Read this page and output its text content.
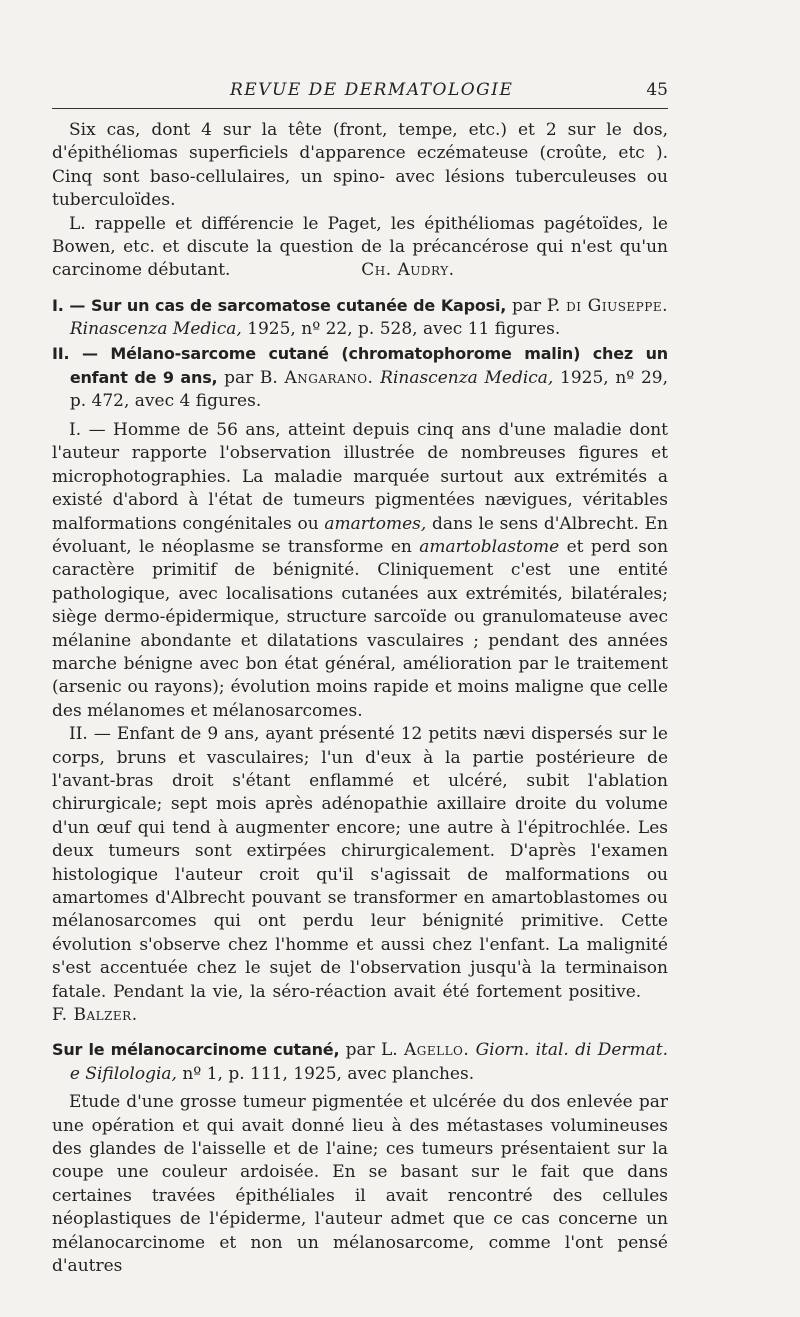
REVUE DE DERMATOLOGIE	45

Six cas, dont 4 sur la tête (front, tempe, etc.) et 2 sur le dos, d'épithéliomas superficiels d'apparence eczémateuse (croûte, etc ). Cinq sont baso-cellulaires, un spino- avec lésions tuberculeuses ou tuberculoïdes.

L. rappelle et différencie le Paget, les épithéliomas pagétoïdes, le Bowen, etc. et discute la question de la précancérose qui n'est qu'un carcinome débutant.	Ch. Audry.

I. — Sur un cas de sarcomatose cutanée de Kaposi, par P. di Giuseppe. Rinascenza Medica, 1925, nº 22, p. 528, avec 11 figures.

II. — Mélano-sarcome cutané (chromatophorome malin) chez un enfant de 9 ans, par B. Angarano. Rinascenza Medica, 1925, nº 29, p. 472, avec 4 figures.

I. — Homme de 56 ans, atteint depuis cinq ans d'une maladie dont l'auteur rapporte l'observation illustrée de nombreuses figures et microphotographies. La maladie marquée surtout aux extrémités a existé d'abord à l'état de tumeurs pigmentées nævigues, véritables malformations congénitales ou amartomes, dans le sens d'Albrecht. En évoluant, le néoplasme se transforme en amartoblastome et perd son caractère primitif de bénignité. Cliniquement c'est une entité pathologique, avec localisations cutanées aux extrémités, bilatérales; siège dermo-épidermique, structure sarcoïde ou granulomateuse avec mélanine abondante et dilatations vasculaires ; pendant des années marche bénigne avec bon état général, amélioration par le traitement (arsenic ou rayons); évolution moins rapide et moins maligne que celle des mélanomes et mélanosarcomes.

II. — Enfant de 9 ans, ayant présenté 12 petits nævi dispersés sur le corps, bruns et vasculaires; l'un d'eux à la partie postérieure de l'avant-bras droit s'étant enflammé et ulcéré, subit l'ablation chirurgicale; sept mois après adénopathie axillaire droite du volume d'un œuf qui tend à augmenter encore; une autre à l'épitrochlée. Les deux tumeurs sont extirpées chirurgicalement. D'après l'examen histologique l'auteur croit qu'il s'agissait de malformations ou amartomes d'Albrecht pouvant se transformer en amartoblastomes ou mélanosarcomes qui ont perdu leur bénignité primitive. Cette évolution s'observe chez l'homme et aussi chez l'enfant. La malignité s'est accentuée chez le sujet de l'observation jusqu'à la terminaison fatale. Pendant la vie, la séro-réaction avait été fortement positive.  F. Balzer.

Sur le mélanocarcinome cutané, par L. Agello. Giorn. ital. di Dermat. e Sifilologia, nº 1, p. 111, 1925, avec planches.

Etude d'une grosse tumeur pigmentée et ulcérée du dos enlevée par une opération et qui avait donné lieu à des métastases volumineuses des glandes de l'aisselle et de l'aine; ces tumeurs présentaient sur la coupe une couleur ardoisée. En se basant sur le fait que dans certaines travées épithéliales il avait rencontré des cellules néoplastiques de l'épiderme, l'auteur admet que ce cas concerne un mélanocarcinome et non un mélanosarcome, comme l'ont pensé d'autres
